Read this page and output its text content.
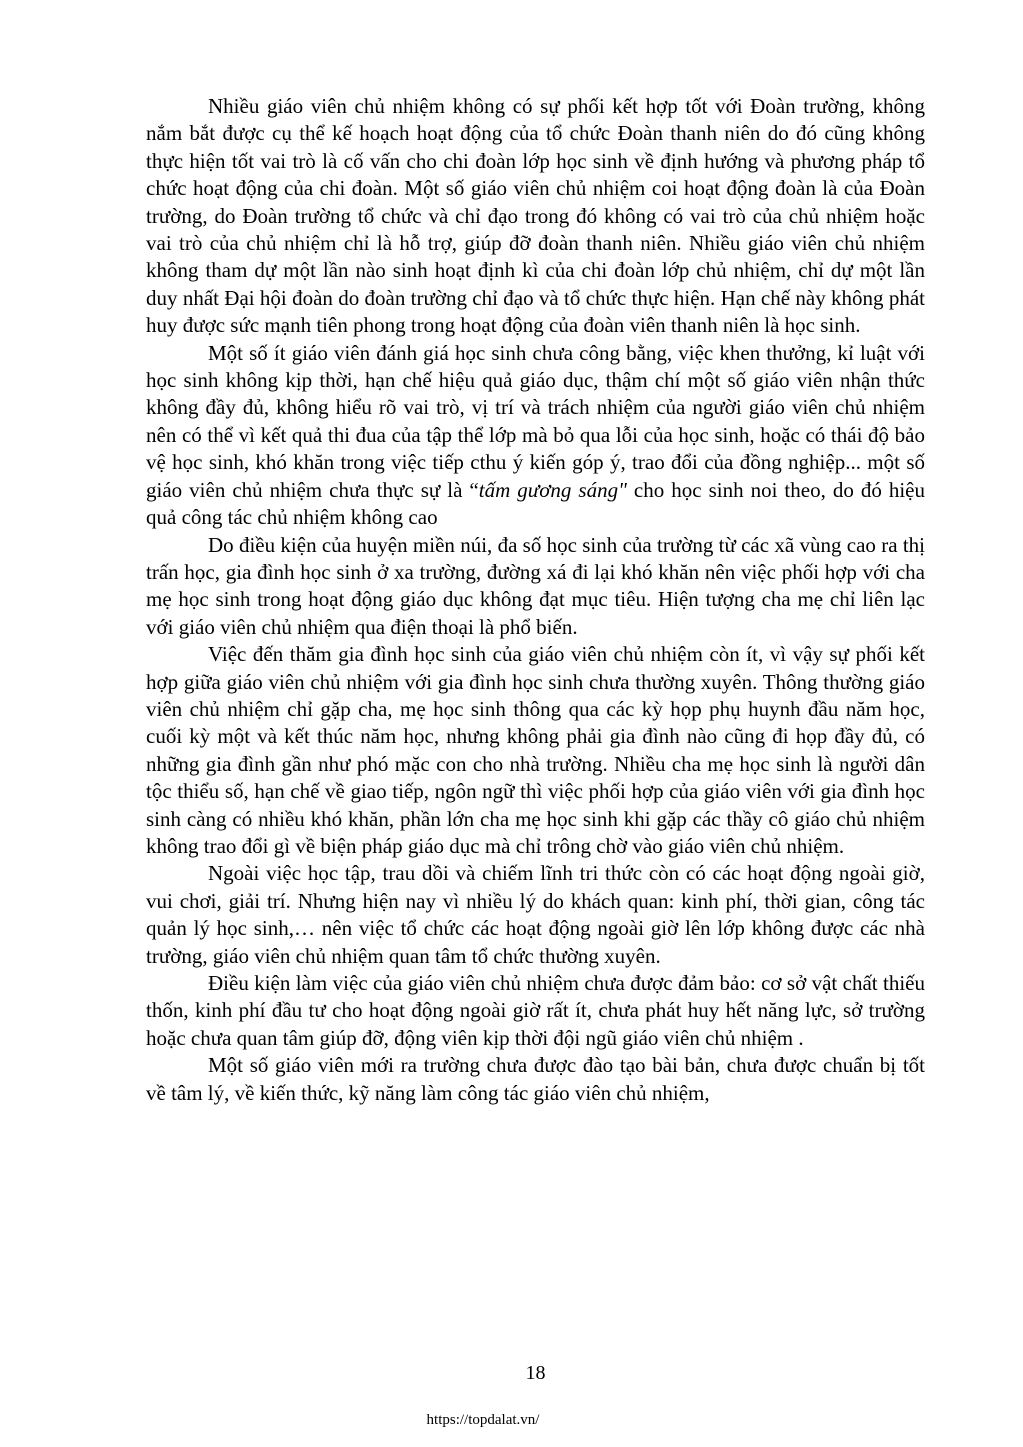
Nhiều giáo viên chủ nhiệm không có sự phối kết hợp tốt với Đoàn trường, không nắm bắt được cụ thể kế hoạch hoạt động của tổ chức Đoàn thanh niên do đó cũng không thực hiện tốt vai trò là cố vấn cho chi đoàn lớp học sinh về định hướng và phương pháp tổ chức hoạt động của chi đoàn. Một số giáo viên chủ nhiệm coi hoạt động đoàn là của Đoàn trường, do Đoàn trường tổ chức và chỉ đạo trong đó không có vai trò của chủ nhiệm hoặc vai trò của chủ nhiệm chỉ là hỗ trợ, giúp đỡ đoàn thanh niên. Nhiều giáo viên chủ nhiệm không tham dự một lần nào sinh hoạt định kì của chi đoàn lớp chủ nhiệm, chỉ dự một lần duy nhất Đại hội đoàn do đoàn trường chỉ đạo và tổ chức thực hiện. Hạn chế này không phát huy được sức mạnh tiên phong trong hoạt động của đoàn viên thanh niên là học sinh.

Một số ít giáo viên đánh giá học sinh chưa công bằng, việc khen thưởng, kỉ luật với học sinh không kịp thời, hạn chế hiệu quả giáo dục, thậm chí một số giáo viên nhận thức không đầy đủ, không hiểu rõ vai trò, vị trí và trách nhiệm của người giáo viên chủ nhiệm nên có thể vì kết quả thi đua của tập thể lớp mà bỏ qua lỗi của học sinh, hoặc có thái độ bảo vệ học sinh, khó khăn trong việc tiếp cthu ý kiến góp ý, trao đổi của đồng nghiệp... một số giáo viên chủ nhiệm chưa thực sự là “tấm gương sáng" cho học sinh noi theo, do đó hiệu quả công tác chủ nhiệm không cao

Do điều kiện của huyện miền núi, đa số học sinh của trường từ các xã vùng cao ra thị trấn học, gia đình học sinh ở xa trường, đường xá đi lại khó khăn nên việc phối hợp với cha mẹ học sinh trong hoạt động giáo dục không đạt mục tiêu. Hiện tượng cha mẹ chỉ liên lạc với giáo viên chủ nhiệm qua điện thoại là phổ biến.

Việc đến thăm gia đình học sinh của giáo viên chủ nhiệm còn ít, vì vậy sự phối kết hợp giữa giáo viên chủ nhiệm với gia đình học sinh chưa thường xuyên. Thông thường giáo viên chủ nhiệm chỉ gặp cha, mẹ học sinh thông qua các kỳ họp phụ huynh đầu năm học, cuối kỳ một và kết thúc năm học, nhưng không phải gia đình nào cũng đi họp đầy đủ, có những gia đình gần như phó mặc con cho nhà trường. Nhiều cha mẹ học sinh là người dân tộc thiểu số, hạn chế về giao tiếp, ngôn ngữ thì việc phối hợp của giáo viên với gia đình học sinh càng có nhiều khó khăn, phần lớn cha mẹ học sinh khi gặp các thầy cô giáo chủ nhiệm không trao đổi gì về biện pháp giáo dục mà chỉ trông chờ vào giáo viên chủ nhiệm.

Ngoài việc học tập, trau dồi và chiếm lĩnh tri thức còn có các hoạt động ngoài giờ, vui chơi, giải trí. Nhưng hiện nay vì nhiều lý do khách quan: kinh phí, thời gian, công tác quản lý học sinh,… nên việc tổ chức các hoạt động ngoài giờ lên lớp không được các nhà trường, giáo viên chủ nhiệm quan tâm tổ chức thường xuyên.

Điều kiện làm việc của giáo viên chủ nhiệm chưa được đảm bảo: cơ sở vật chất thiếu thốn, kinh phí đầu tư cho hoạt động ngoài giờ rất ít, chưa phát huy hết năng lực, sở trường hoặc chưa quan tâm giúp đỡ, động viên kịp thời đội ngũ giáo viên chủ nhiệm .

Một số giáo viên mới ra trường chưa được đào tạo bài bản, chưa được chuẩn bị tốt về tâm lý, về kiến thức, kỹ năng làm công tác giáo viên chủ nhiệm,

18
https://topdalat.vn/
